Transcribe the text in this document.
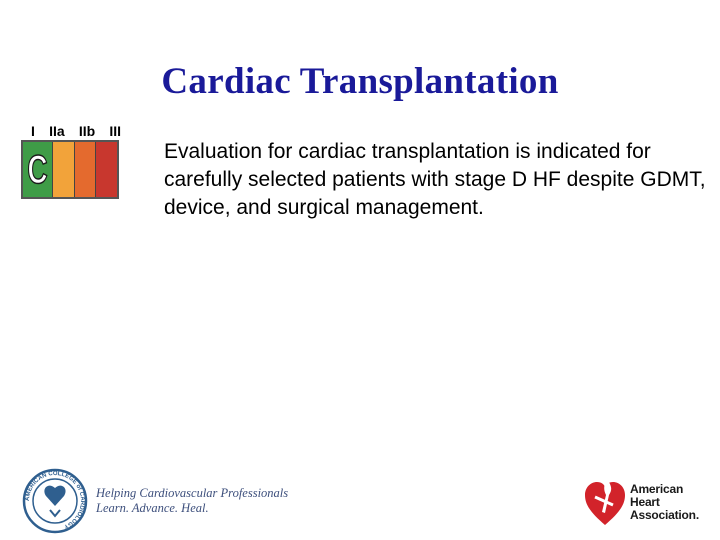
Cardiac Transplantation
I IIa IIb III
C	Evaluation for cardiac transplantation is indicated for carefully selected patients with stage D HF despite GDMT, device, and surgical management.

AMERICAN COLLEGE of CARDIOLOGY
Helping Cardiovascular Professionals
Learn. Advance. Heal.
American
Heart
Association.
